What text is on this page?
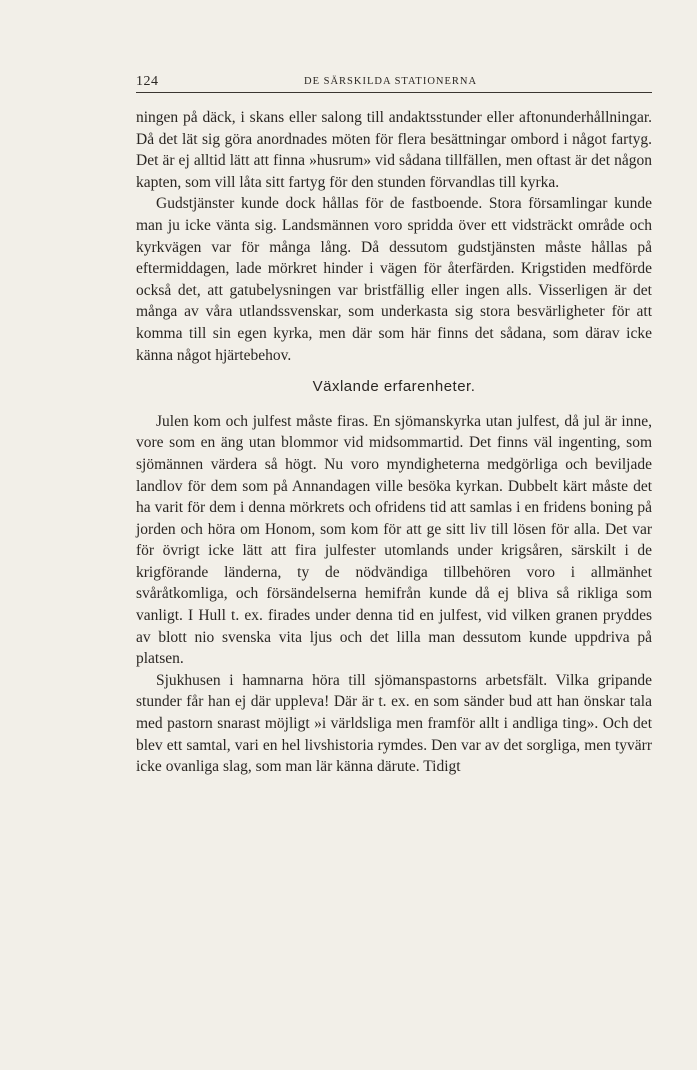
124	DE SÄRSKILDA STATIONERNA

ningen på däck, i skans eller salong till andaktsstunder eller aftonunderhållningar. Då det lät sig göra anordnades möten för flera besättningar ombord i något fartyg. Det är ej alltid lätt att finna »husrum» vid sådana tillfällen, men oftast är det någon kapten, som vill låta sitt fartyg för den stunden förvandlas till kyrka.

Gudstjänster kunde dock hållas för de fastboende. Stora församlingar kunde man ju icke vänta sig. Landsmännen voro spridda över ett vidsträckt område och kyrkvägen var för många lång. Då dessutom gudstjänsten måste hållas på eftermiddagen, lade mörkret hinder i vägen för återfärden. Krigstiden medförde också det, att gatubelysningen var bristfällig eller ingen alls. Visserligen är det många av våra utlandssvenskar, som underkasta sig stora besvärligheter för att komma till sin egen kyrka, men där som här finns det sådana, som därav icke känna något hjärtebehov.

Växlande erfarenheter.

Julen kom och julfest måste firas. En sjömanskyrka utan julfest, då jul är inne, vore som en äng utan blommor vid midsommartid. Det finns väl ingenting, som sjömännen värdera så högt. Nu voro myndigheterna medgörliga och beviljade landlov för dem som på Annandagen ville besöka kyrkan. Dubbelt kärt måste det ha varit för dem i denna mörkrets och ofridens tid att samlas i en fridens boning på jorden och höra om Honom, som kom för att ge sitt liv till lösen för alla. Det var för övrigt icke lätt att fira julfester utomlands under krigsåren, särskilt i de krigförande länderna, ty de nödvändiga tillbehören voro i allmänhet svåråtkomliga, och försändelserna hemifrån kunde då ej bliva så rikliga som vanligt. I Hull t. ex. firades under denna tid en julfest, vid vilken granen pryddes av blott nio svenska vita ljus och det lilla man dessutom kunde uppdriva på platsen.

Sjukhusen i hamnarna höra till sjömanspastorns arbetsfält. Vilka gripande stunder får han ej där uppleva! Där är t. ex. en som sänder bud att han önskar tala med pastorn snarast möjligt »i världsliga men framför allt i andliga ting». Och det blev ett samtal, vari en hel livshistoria rymdes. Den var av det sorgliga, men tyvärr icke ovanliga slag, som man lär känna därute. Tidigt
